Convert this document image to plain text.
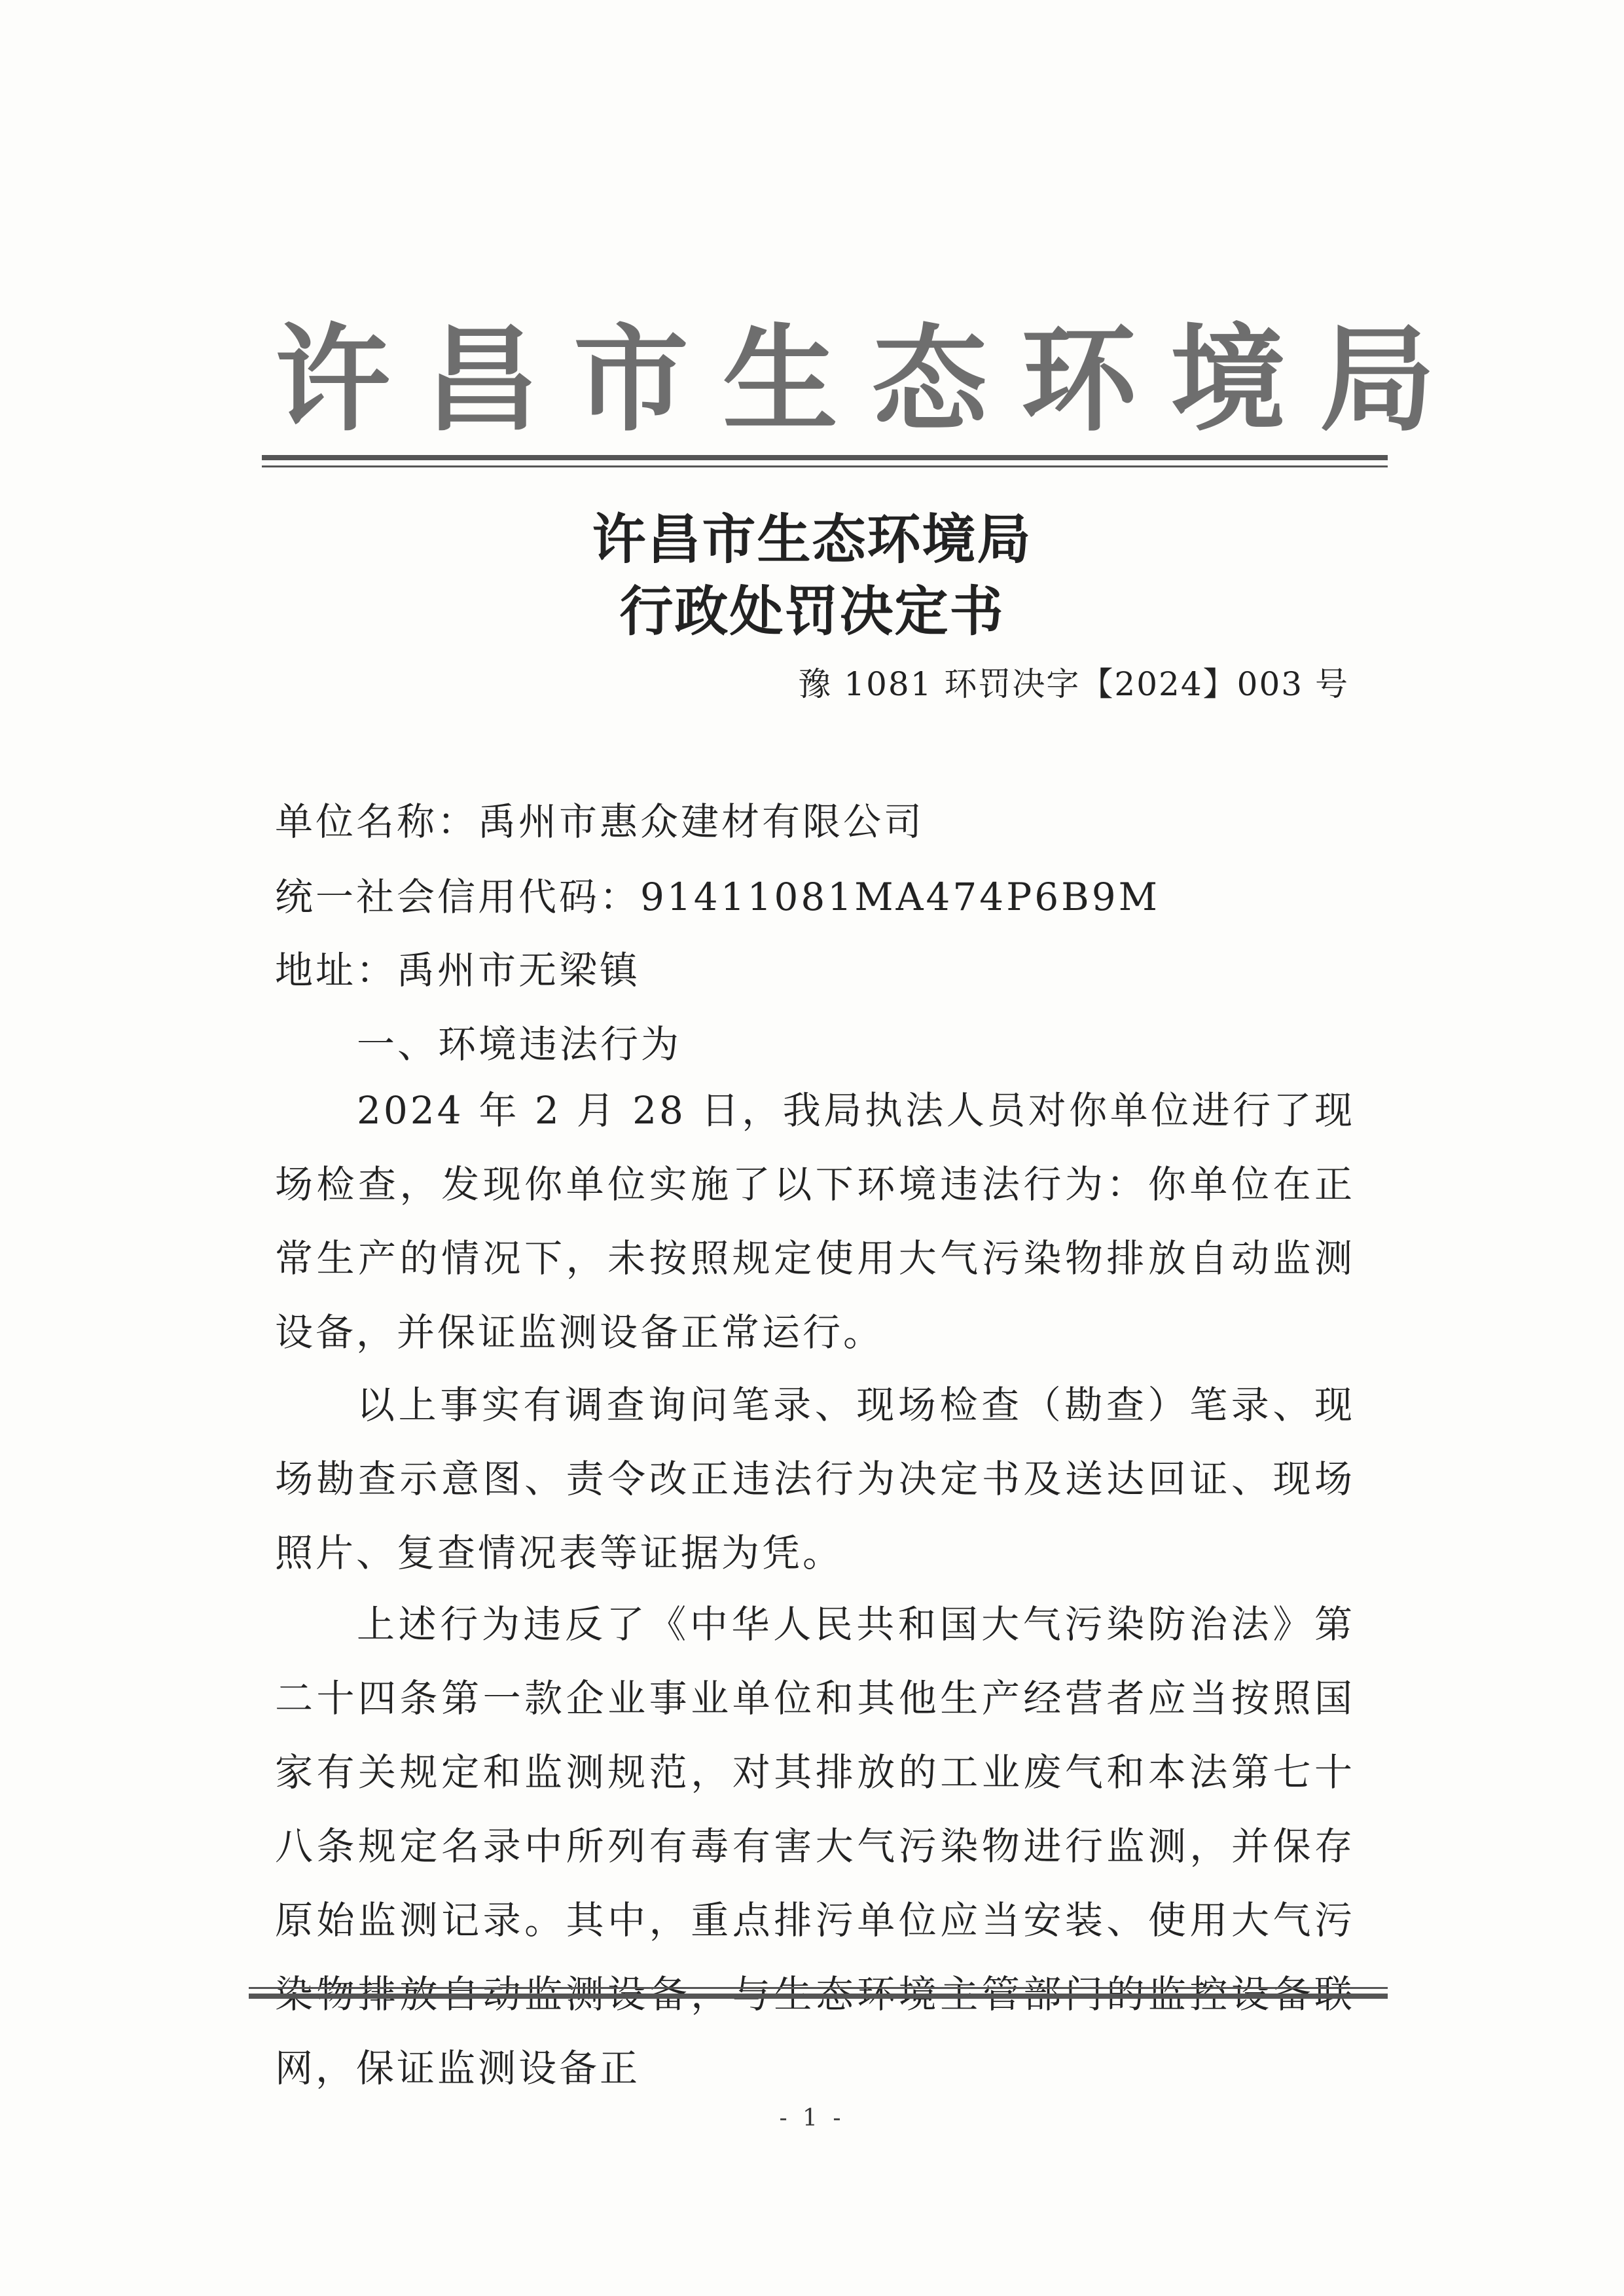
许昌市生态环境局
许昌市生态环境局
行政处罚决定书
豫 1081 环罚决字【2024】003 号
单位名称：禹州市惠众建材有限公司
统一社会信用代码：91411081MA474P6B9M
地址：禹州市无梁镇
一、环境违法行为
2024 年 2 月 28 日，我局执法人员对你单位进行了现场检查，发现你单位实施了以下环境违法行为：你单位在正常生产的情况下，未按照规定使用大气污染物排放自动监测设备，并保证监测设备正常运行。
以上事实有调查询问笔录、现场检查（勘查）笔录、现场勘查示意图、责令改正违法行为决定书及送达回证、现场照片、复查情况表等证据为凭。
上述行为违反了《中华人民共和国大气污染防治法》第二十四条第一款企业事业单位和其他生产经营者应当按照国家有关规定和监测规范，对其排放的工业废气和本法第七十八条规定名录中所列有毒有害大气污染物进行监测，并保存原始监测记录。其中，重点排污单位应当安装、使用大气污 网，保证监测设备正
- 1 -
